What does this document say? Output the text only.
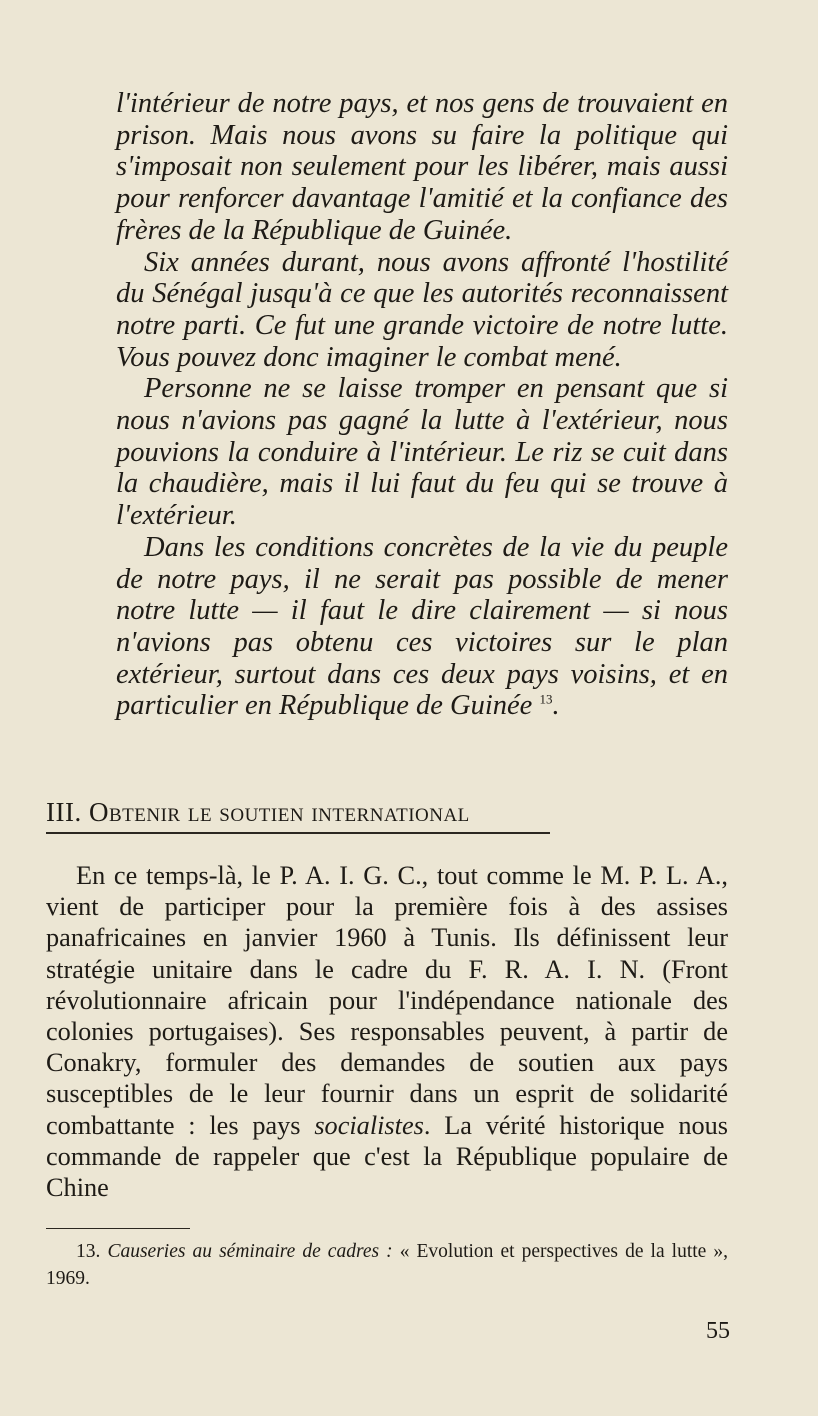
l'intérieur de notre pays, et nos gens de trouvaient en prison. Mais nous avons su faire la politique qui s'imposait non seulement pour les libérer, mais aussi pour renforcer davantage l'amitié et la confiance des frères de la République de Guinée.

Six années durant, nous avons affronté l'hostilité du Sénégal jusqu'à ce que les autorités reconnaissent notre parti. Ce fut une grande victoire de notre lutte. Vous pouvez donc imaginer le combat mené.

Personne ne se laisse tromper en pensant que si nous n'avions pas gagné la lutte à l'extérieur, nous pouvions la conduire à l'intérieur. Le riz se cuit dans la chaudière, mais il lui faut du feu qui se trouve à l'extérieur.

Dans les conditions concrètes de la vie du peuple de notre pays, il ne serait pas possible de mener notre lutte — il faut le dire clairement — si nous n'avions pas obtenu ces victoires sur le plan extérieur, surtout dans ces deux pays voisins, et en particulier en République de Guinée $^{13}$.

III. Obtenir le soutien international

En ce temps-là, le P. A. I. G. C., tout comme le M. P. L. A., vient de participer pour la première fois à des assises panafricaines en janvier 1960 à Tunis. Ils définissent leur stratégie unitaire dans le cadre du F. R. A. I. N. (Front révolutionnaire africain pour l'indépendance nationale des colonies portugaises). Ses responsables peuvent, à partir de Conakry, formuler des demandes de soutien aux pays susceptibles de le leur fournir dans un esprit de solidarité combattante : les pays socialistes. La vérité historique nous commande de rappeler que c'est la République populaire de Chine

13. Causeries au séminaire de cadres : « Evolution et perspectives de la lutte », 1969.

55
